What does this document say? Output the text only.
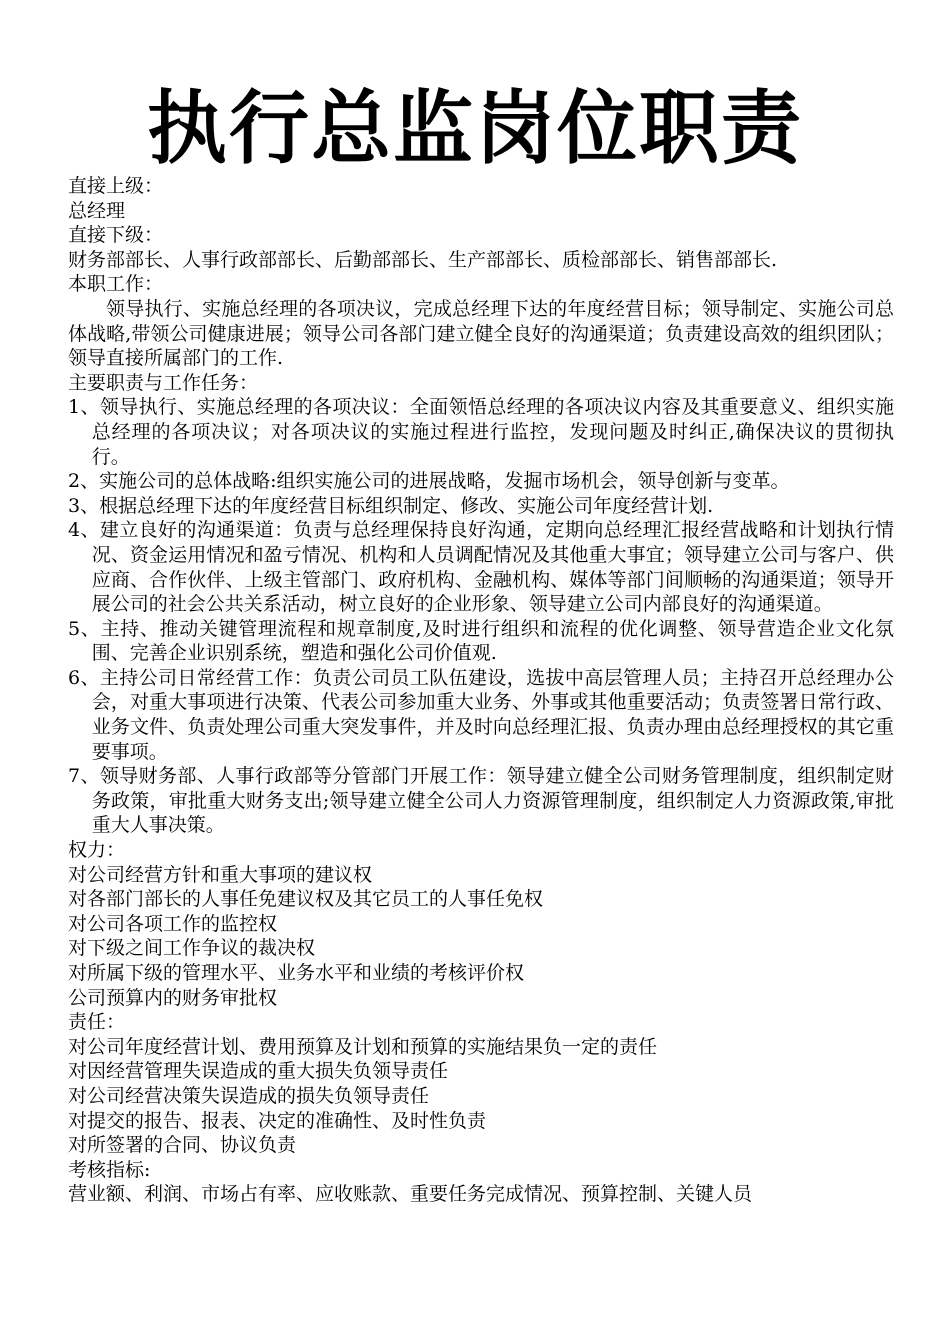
执行总监岗位职责
直接上级：
总经理
直接下级：
财务部部长、人事行政部部长、后勤部部长、生产部部长、质检部部长、销售部部长.
本职工作：
领导执行、实施总经理的各项决议，完成总经理下达的年度经营目标；领导制定、实施公司总体战略,带领公司健康进展；领导公司各部门建立健全良好的沟通渠道；负责建设高效的组织团队；领导直接所属部门的工作.
主要职责与工作任务：
1、领导执行、实施总经理的各项决议：全面领悟总经理的各项决议内容及其重要意义、组织实施总经理的各项决议；对各项决议的实施过程进行监控，发现问题及时纠正,确保决议的贯彻执行。
2、实施公司的总体战略:组织实施公司的进展战略，发掘市场机会，领导创新与变革。
3、根据总经理下达的年度经营目标组织制定、修改、实施公司年度经营计划.
4、建立良好的沟通渠道：负责与总经理保持良好沟通，定期向总经理汇报经营战略和计划执行情况、资金运用情况和盈亏情况、机构和人员调配情况及其他重大事宜；领导建立公司与客户、供应商、合作伙伴、上级主管部门、政府机构、金融机构、媒体等部门间顺畅的沟通渠道；领导开展公司的社会公共关系活动，树立良好的企业形象、领导建立公司内部良好的沟通渠道。
5、主持、推动关键管理流程和规章制度,及时进行组织和流程的优化调整、领导营造企业文化氛围、完善企业识别系统，塑造和强化公司价值观.
6、主持公司日常经营工作：负责公司员工队伍建设，选拔中高层管理人员；主持召开总经理办公会，对重大事项进行决策、代表公司参加重大业务、外事或其他重要活动；负责签署日常行政、业务文件、负责处理公司重大突发事件，并及时向总经理汇报、负责办理由总经理授权的其它重要事项。
7、领导财务部、人事行政部等分管部门开展工作：领导建立健全公司财务管理制度，组织制定财务政策，审批重大财务支出;领导建立健全公司人力资源管理制度，组织制定人力资源政策,审批重大人事决策。
权力：
对公司经营方针和重大事项的建议权
对各部门部长的人事任免建议权及其它员工的人事任免权
对公司各项工作的监控权
对下级之间工作争议的裁决权
对所属下级的管理水平、业务水平和业绩的考核评价权
公司预算内的财务审批权
责任：
对公司年度经营计划、费用预算及计划和预算的实施结果负一定的责任
对因经营管理失误造成的重大损失负领导责任
对公司经营决策失误造成的损失负领导责任
对提交的报告、报表、决定的准确性、及时性负责
对所签署的合同、协议负责
考核指标:
营业额、利润、市场占有率、应收账款、重要任务完成情况、预算控制、关键人员
